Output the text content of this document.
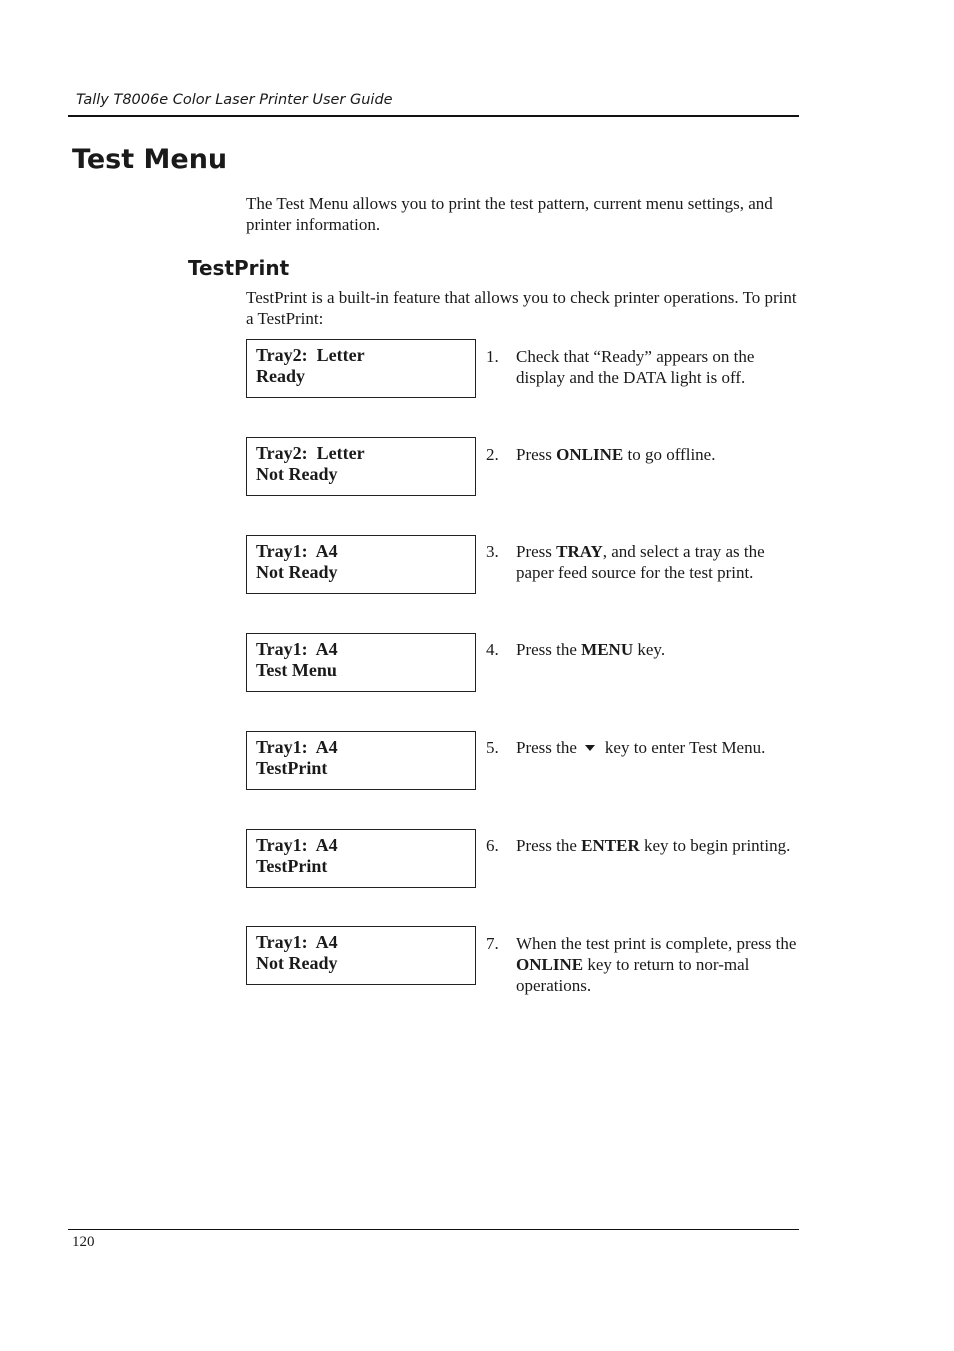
Tally T8006e Color Laser Printer User Guide
Test Menu

The Test Menu allows you to print the test pattern, current menu settings, and printer information.

TestPrint

TestPrint is a built-in feature that allows you to check printer operations. To print a TestPrint:

Tray2:  Letter
Ready
1. Check that “Ready” appears on the display and the DATA light is off.
Tray2:  Letter
Not Ready
2. Press ONLINE to go offline.
Tray1:  A4
Not Ready
3. Press TRAY, and select a tray as the paper feed source for the test print.
Tray1:  A4
Test Menu
4. Press the MENU key.
Tray1:  A4
TestPrint
5. Press the key to enter Test Menu.
Tray1:  A4
TestPrint
6. Press the ENTER key to begin printing.
Tray1:  A4
Not Ready
7. When the test print is complete, press the ONLINE key to return to nor-mal operations.
120
